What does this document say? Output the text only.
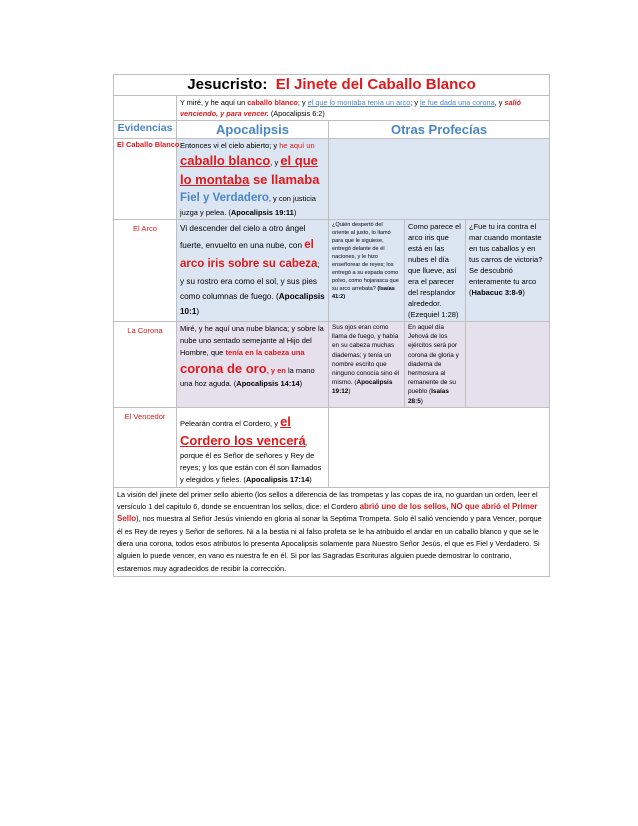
Jesucristo: El Jinete del Caballo Blanco				
	Y miré, y he aquí un caballo blanco; y el que lo montaba tenía un arco; y le fue dada una corona, y salió venciendo, y para vencer. (Apocalipsis 6:2)			
Evidencias	Apocalipsis	Otras Profecías		
El Caballo Blanco	Entonces vi el cielo abierto; y he aquí un
caballo blanco, y el que lo montaba se llamaba Fiel y Verdadero, y con justicia juzga y pelea. (Apocalipsis 19:11)			
El Arco	Vi descender del cielo a otro ángel fuerte, envuelto en una nube, con el arco iris sobre su cabeza; y su rostro era como el sol, y sus pies como columnas de fuego. (Apocalipsis 10:1)	¿Quién despertó del oriente al justo, lo llamó para que le siguiese, entregó delante de él naciones, y le hizo enseñorear de reyes; los entregó a su espada como polvo, como hojarasca que su arco arrebata? (Isaías 41:2)	Como parece el arco iris que está en las nubes el día que llueve, así era el parecer del resplandor alrededor. (Ezequiel 1:28)	¿Fue tu ira contra el mar cuando montaste en tus caballos y en tus carros de victoria? Se descubrió enteramente tu arco (Habacuc 3:8-9)
La Corona	Miré, y he aquí una nube blanca; y sobre la nube uno sentado semejante al Hijo del Hombre, que tenía en la cabeza una
corona de oro, y en la mano una hoz aguda. (Apocalipsis 14:14)	Sus ojos eran como llama de fuego, y había en su cabeza muchas diademas; y tenía un nombre escrito que ninguno conocía sino él mismo. (Apocalipsis 19:12)	En aquel día Jehová de los ejércitos será por corona de gloria y diadema de hermosura al remanente de su pueblo (Isaías 28:5)	
El Vencedor	Pelearán contra el Cordero, y el Cordero los vencerá, porque él es Señor de señores y Rey de reyes; y los que están con él son llamados y elegidos y fieles. (Apocalipsis 17:14)			
La visión del jinete del primer sello abierto (los sellos a diferencia de las trompetas y las copas de ira, no guardan un orden, leer el versículo 1 del capitulo 6, donde se encuentran los sellos, dice: el Cordero abrió uno de los sellos, NO que abrió el Primer Sello), nos muestra al Señor Jesús viniendo en gloria al sonar la Septima Trompeta. Solo él salió venciendo y para Vencer, porque él es Rey de reyes y Señor de señores. Ni a la bestia ni al falso profeta se le ha atribuido el andar en un caballo blanco y que se le diera una corona, todos esos atributos lo presenta Apocalipsis solamente para Nuestro Señor Jesús, el que es Fiel y Verdadero. Si alguien lo puede vencer, en vano es nuestra fe en él. Si por las Sagradas Escrituras alguien puede demostrar lo contrario, estaremos muy agradecidos de recibir la corrección.				
